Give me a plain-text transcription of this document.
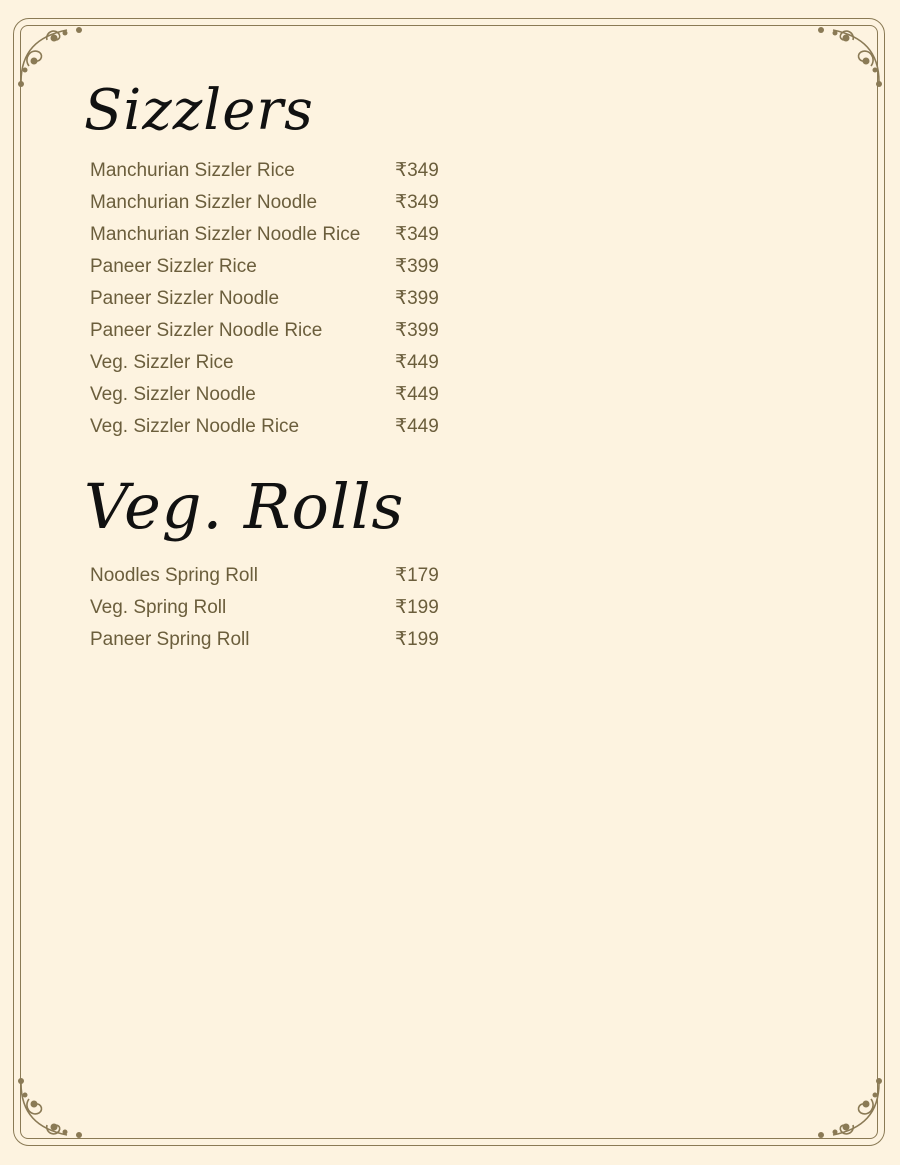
Sizzlers
Manchurian Sizzler Rice	₹349
Manchurian Sizzler Noodle	₹349
Manchurian Sizzler Noodle Rice ₹349
Paneer Sizzler Rice	₹399
Paneer Sizzler Noodle	₹399
Paneer Sizzler Noodle Rice	₹399
Veg. Sizzler Rice	₹449
Veg. Sizzler Noodle	₹449
Veg. Sizzler Noodle Rice	₹449
Veg. Rolls
Noodles Spring Roll	₹179
Veg. Spring Roll	₹199
Paneer Spring Roll	₹199
